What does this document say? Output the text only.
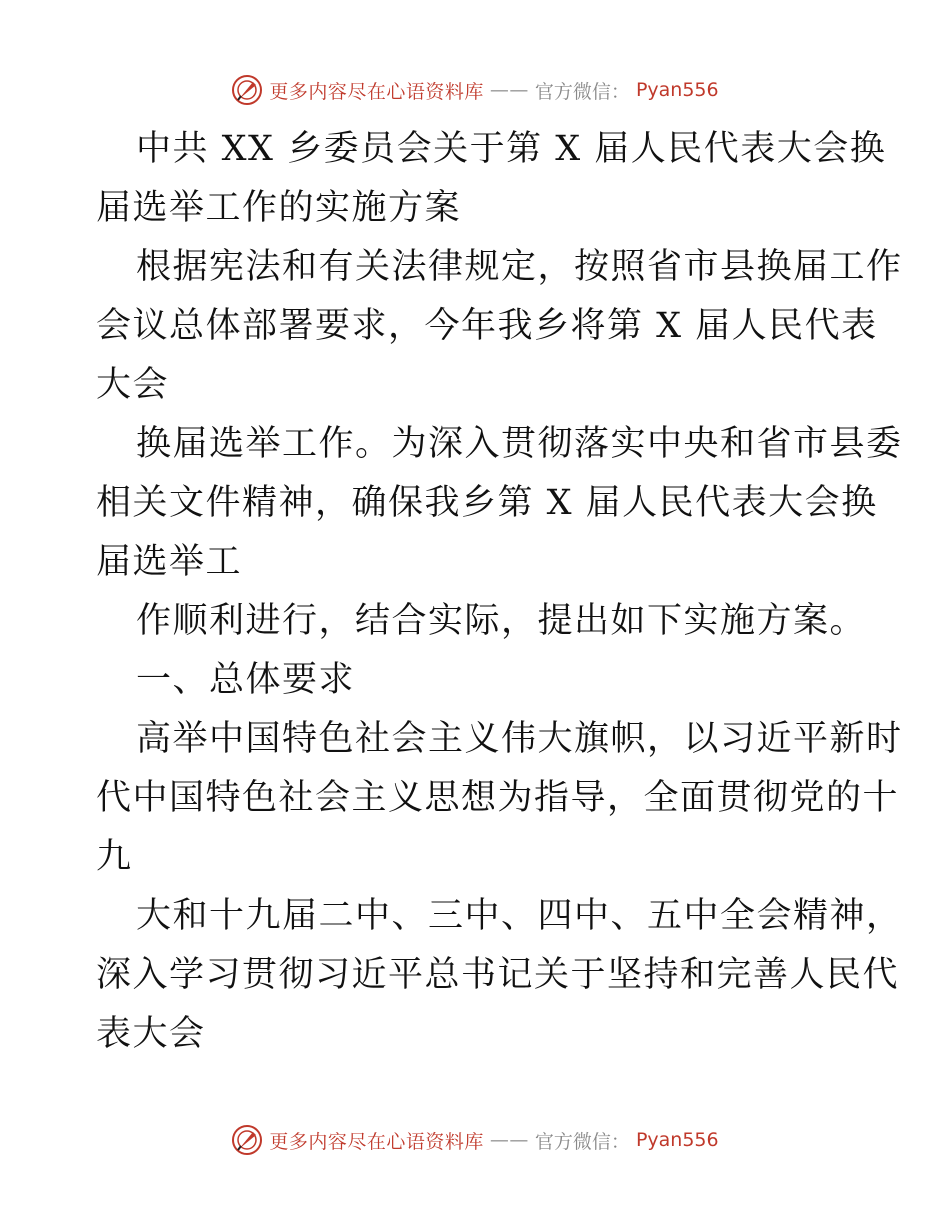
更多内容尽在心语资料库 —— 官方微信： Pyan556
中共 XX 乡委员会关于第 X 届人民代表大会换
届选举工作的实施方案
根据宪法和有关法律规定，按照省市县换届工作
会议总体部署要求，今年我乡将第 X 届人民代表
大会
换届选举工作。为深入贯彻落实中央和省市县委
相关文件精神，确保我乡第 X 届人民代表大会换
届选举工
作顺利进行，结合实际，提出如下实施方案。
一、总体要求
高举中国特色社会主义伟大旗帜，以习近平新时
代中国特色社会主义思想为指导，全面贯彻党的十
九
大和十九届二中、三中、四中、五中全会精神，
深入学习贯彻习近平总书记关于坚持和完善人民代
表大会
更多内容尽在心语资料库 —— 官方微信： Pyan556
